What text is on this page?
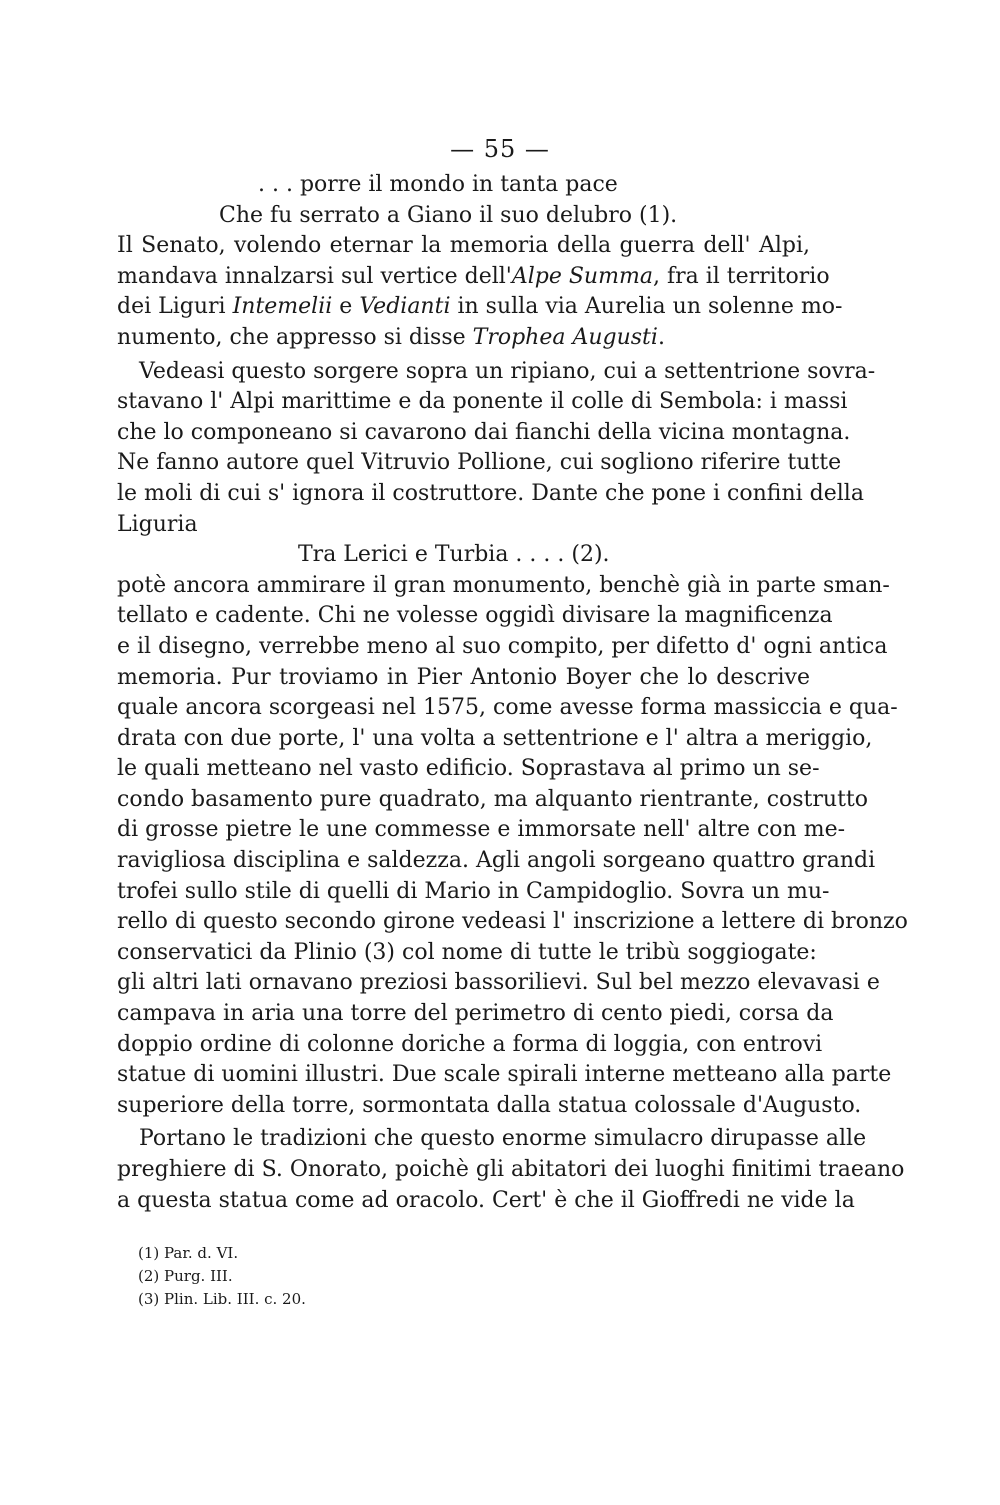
— 55 —
. . . porre il mondo in tanta pace
Che fu serrato a Giano il suo delubro (1).
Il Senato, volendo eternar la memoria della guerra dell' Alpi,
mandava innalzarsi sul vertice dell'Alpe Summa, fra il territorio
dei Liguri Intemelii e Vedianti in sulla via Aurelia un solenne mo-
numento, che appresso si disse Trophea Augusti.
Vedeasi questo sorgere sopra un ripiano, cui a settentrione sovra-
stavano l' Alpi marittime e da ponente il colle di Sembola: i massi
che lo componeano si cavarono dai fianchi della vicina montagna.
Ne fanno autore quel Vitruvio Pollione, cui sogliono riferire tutte
le moli di cui s' ignora il costruttore. Dante che pone i confini della
Liguria
Tra Lerici e Turbia . . . . (2).
potè ancora ammirare il gran monumento, benchè già in parte sman-
tellato e cadente. Chi ne volesse oggidì divisare la magnificenza
e il disegno, verrebbe meno al suo compito, per difetto d' ogni antica
memoria. Pur troviamo in Pier Antonio Boyer che lo descrive
quale ancora scorgeasi nel 1575, come avesse forma massiccia e qua-
drata con due porte, l' una volta a settentrione e l' altra a meriggio,
le quali metteano nel vasto edificio. Soprastava al primo un se-
condo basamento pure quadrato, ma alquanto rientrante, costrutto
di grosse pietre le une commesse e immorsate nell' altre con me-
ravigliosa disciplina e saldezza. Agli angoli sorgeano quattro grandi
trofei sullo stile di quelli di Mario in Campidoglio. Sovra un mu-
rello di questo secondo girone vedeasi l' inscrizione a lettere di bronzo
conservatici da Plinio (3) col nome di tutte le tribù soggiogate:
gli altri lati ornavano preziosi bassorilievi. Sul bel mezzo elevavasi e
campava in aria una torre del perimetro di cento piedi, corsa da
doppio ordine di colonne doriche a forma di loggia, con entrovi
statue di uomini illustri. Due scale spirali interne metteano alla parte
superiore della torre, sormontata dalla statua colossale d'Augusto.
Portano le tradizioni che questo enorme simulacro dirupasse alle
preghiere di S. Onorato, poichè gli abitatori dei luoghi finitimi traeano
a questa statua come ad oracolo. Cert' è che il Gioffredi ne vide la
(1) Par. d. VI.
(2) Purg. III.
(3) Plin. Lib. III. c. 20.
